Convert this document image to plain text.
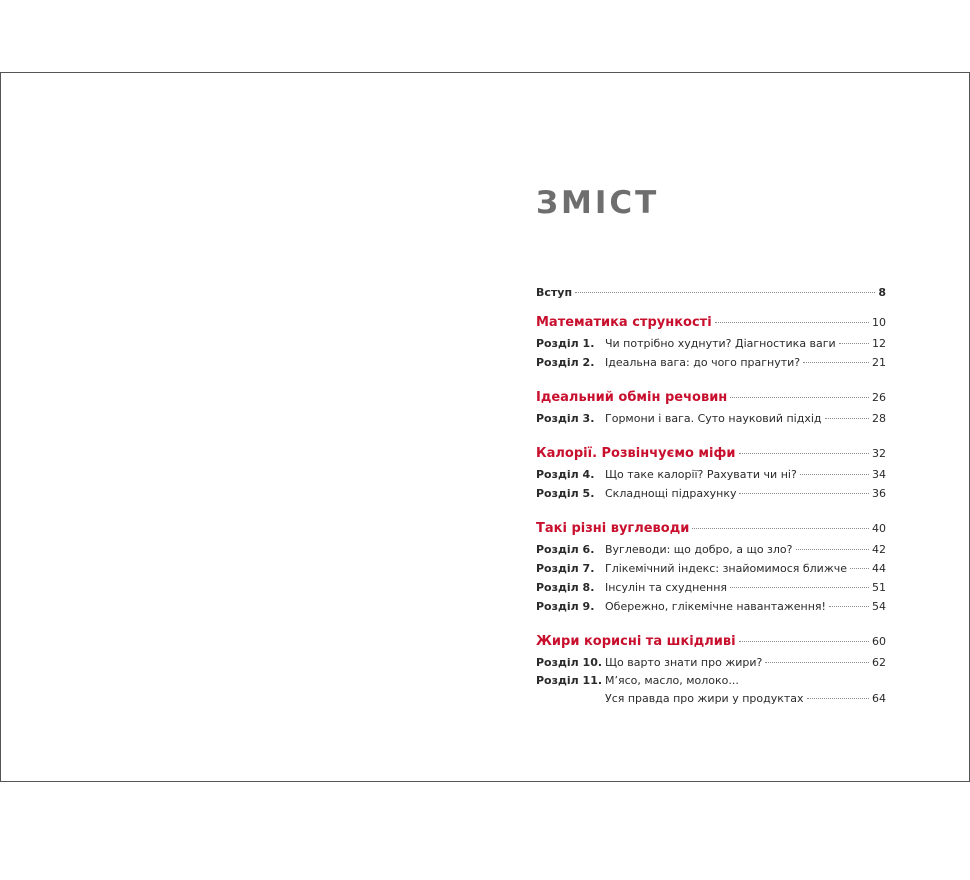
ЗМІСТ
Вступ	8
Математика стрункості	10
Розділ 1. Чи потрібно худнути? Діагностика ваги	12
Розділ 2. Ідеальна вага: до чого прагнути?	21
Ідеальний обмін речовин	26
Розділ 3. Гормони і вага. Суто науковий підхід	28
Калорії. Розвінчуємо міфи	32
Розділ 4. Що таке калорії? Рахувати чи ні?	34
Розділ 5. Складнощі підрахунку	36
Такі різні вуглеводи	40
Розділ 6. Вуглеводи: що добро, а що зло?	42
Розділ 7. Глікемічний індекс: знайомимося ближче 44
Розділ 8. Інсулін та схуднення	51
Розділ 9. Обережно, глікемічне навантаження!	54
Жири корисні та шкідливі	60
Розділ 10. Що варто знати про жири?	62
Розділ 11. М’ясо, масло, молоко...
Уся правда про жири у продуктах	64
